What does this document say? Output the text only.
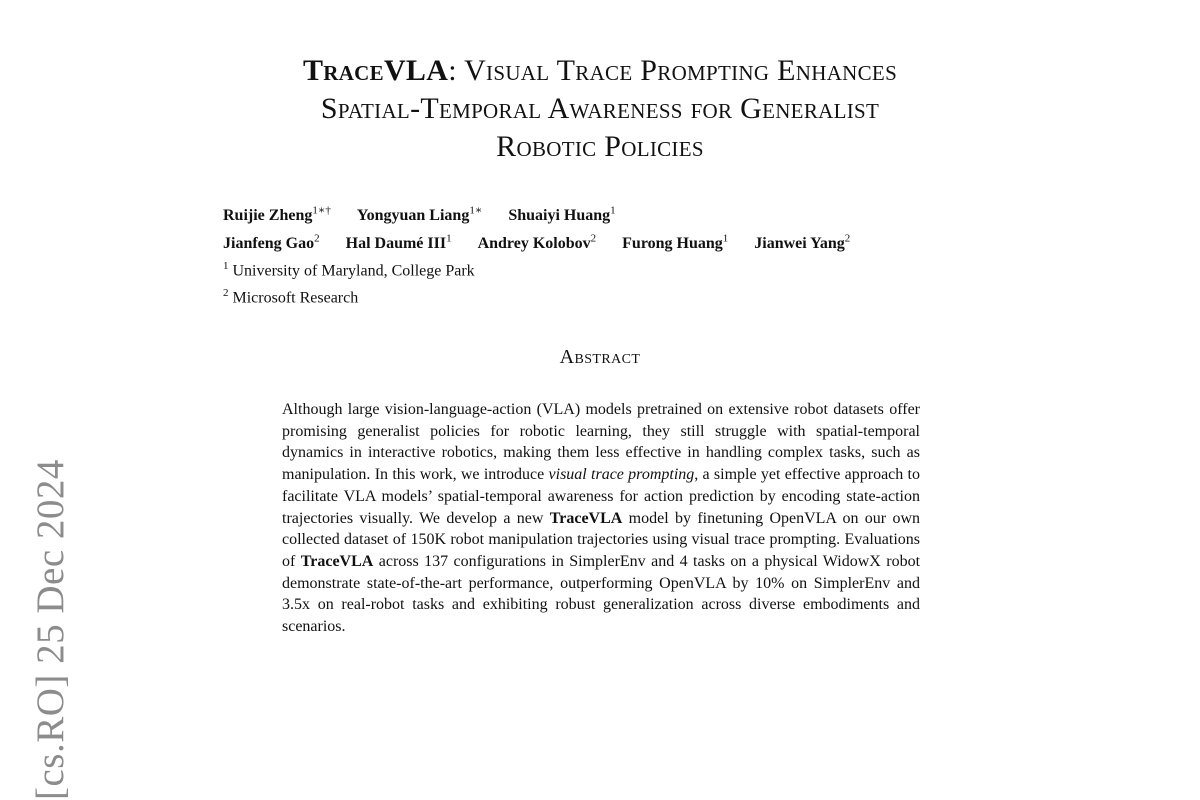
[cs.RO] 25 Dec 2024
TraceVLA: Visual Trace Prompting Enhances
Spatial-Temporal Awareness for Generalist
Robotic Policies
Ruijie Zheng$^{1∗\dagger}$ Yongyuan Liang$^{1∗}$ Shuaiyi Huang$^1$
Jianfeng Gao$^2$ Hal Daumé III$^1$ Andrey Kolobov$^2$ Furong Huang$^1$ Jianwei Yang$^2$
$^1$ University of Maryland, College Park
$^2$ Microsoft Research
Abstract
Although large vision-language-action (VLA) models pretrained on extensive robot datasets offer promising generalist policies for robotic learning, they still struggle with spatial-temporal dynamics in interactive robotics, making them less effective in handling complex tasks, such as manipulation. In this work, we introduce visual trace prompting, a simple yet effective approach to facilitate VLA models’ spatial-temporal awareness for action prediction by encoding state-action trajectories visually. We develop a new TraceVLA model by finetuning OpenVLA on our own collected dataset of 150K robot manipulation trajectories using visual trace prompting. Evaluations of TraceVLA across 137 configurations in SimplerEnv and 4 tasks on a physical WidowX robot demonstrate state-of-the-art performance, outperforming OpenVLA by 10% on SimplerEnv and 3.5x on real-robot tasks and exhibiting robust generalization across diverse embodiments and scenarios.
